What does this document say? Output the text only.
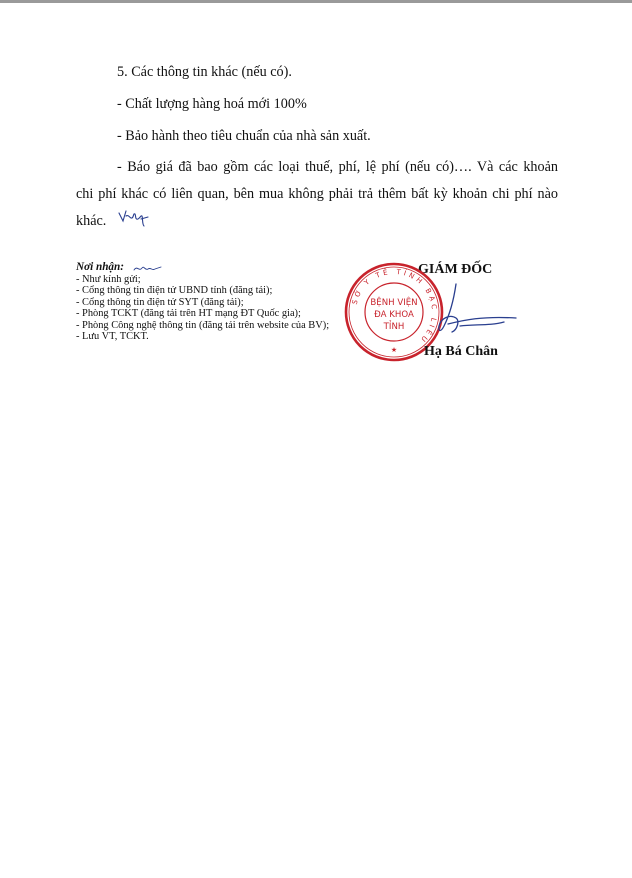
5. Các thông tin khác (nếu có).

- Chất lượng hàng hoá mới 100%

- Bảo hành theo tiêu chuẩn của nhà sản xuất.

- Báo giá đã bao gồm các loại thuế, phí, lệ phí (nếu có)…. Và các khoản

chi phí khác có liên quan, bên mua không phải trả thêm bất kỳ khoản chi phí nào

khác.

Nơi nhận:
- Như kính gửi;
- Cổng thông tin điện tử UBND tỉnh (đăng tải);
- Cổng thông tin điện tử SYT (đăng tải);
- Phòng TCKT (đăng tải trên HT mạng ĐT Quốc gia);
- Phòng Công nghệ thông tin (đăng tải trên website của BV);
- Lưu VT, TCKT.
GIÁM ĐỐC
SỞ Y TẾ TỈNH BẠC LIÊU
BỆNH VIỆN
ĐA KHOA
TỈNH
★ Hạ Bá Chân
